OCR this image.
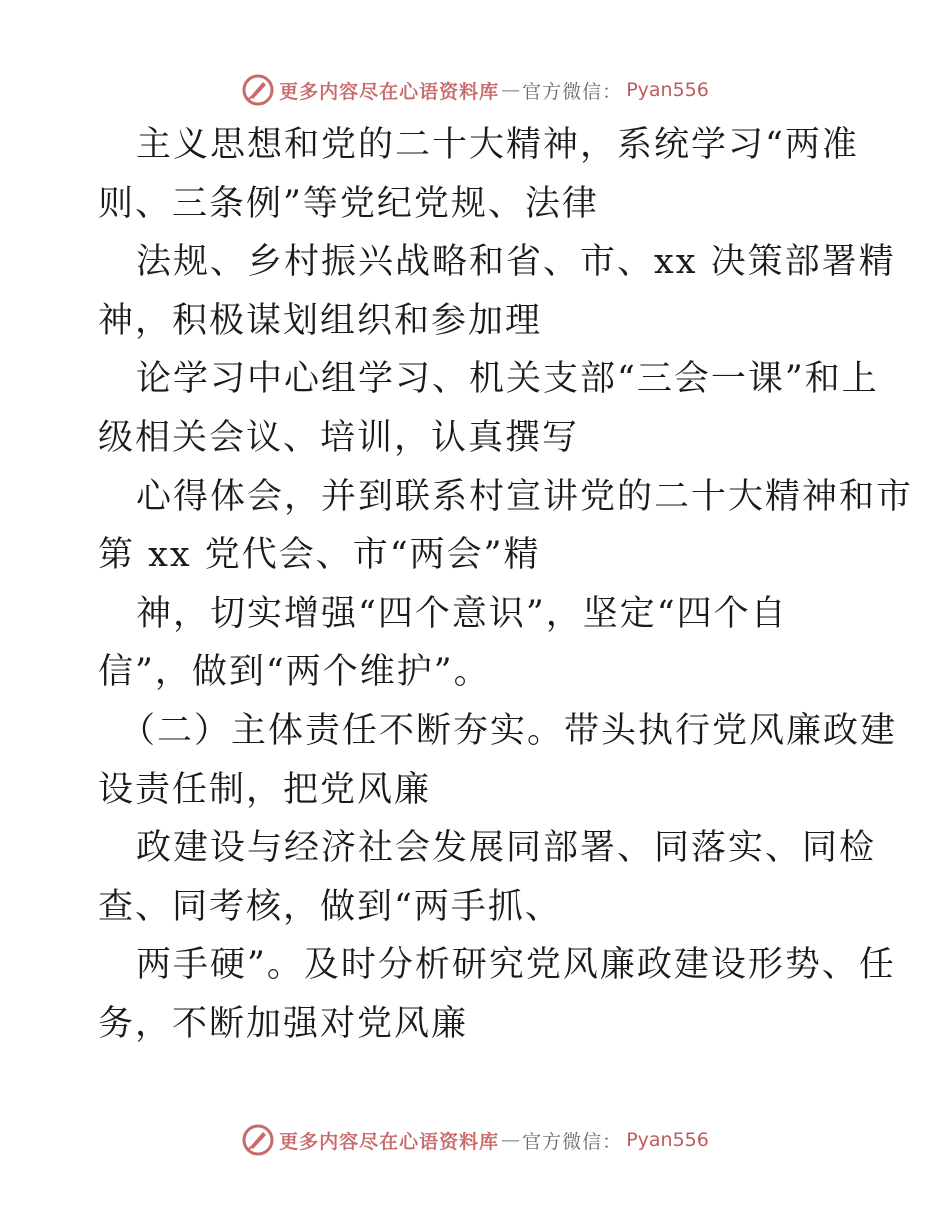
更多内容尽在心语资料库 — 官方微信： Pyan556
主义思想和党的二十大精神，系统学习“两准
则、三条例”等党纪党规、法律
法规、乡村振兴战略和省、市、xx 决策部署精
神，积极谋划组织和参加理
论学习中心组学习、机关支部“三会一课”和上
级相关会议、培训，认真撰写
心得体会，并到联系村宣讲党的二十大精神和市
第 xx 党代会、市“两会”精
神，切实增强“四个意识”，坚定“四个自
信”，做到“两个维护”。
（二）主体责任不断夯实。带头执行党风廉政建
设责任制，把党风廉
政建设与经济社会发展同部署、同落实、同检
查、同考核，做到“两手抓、
两手硬”。及时分析研究党风廉政建设形势、任
务，不断加强对党风廉
更多内容尽在心语资料库 — 官方微信： Pyan556
